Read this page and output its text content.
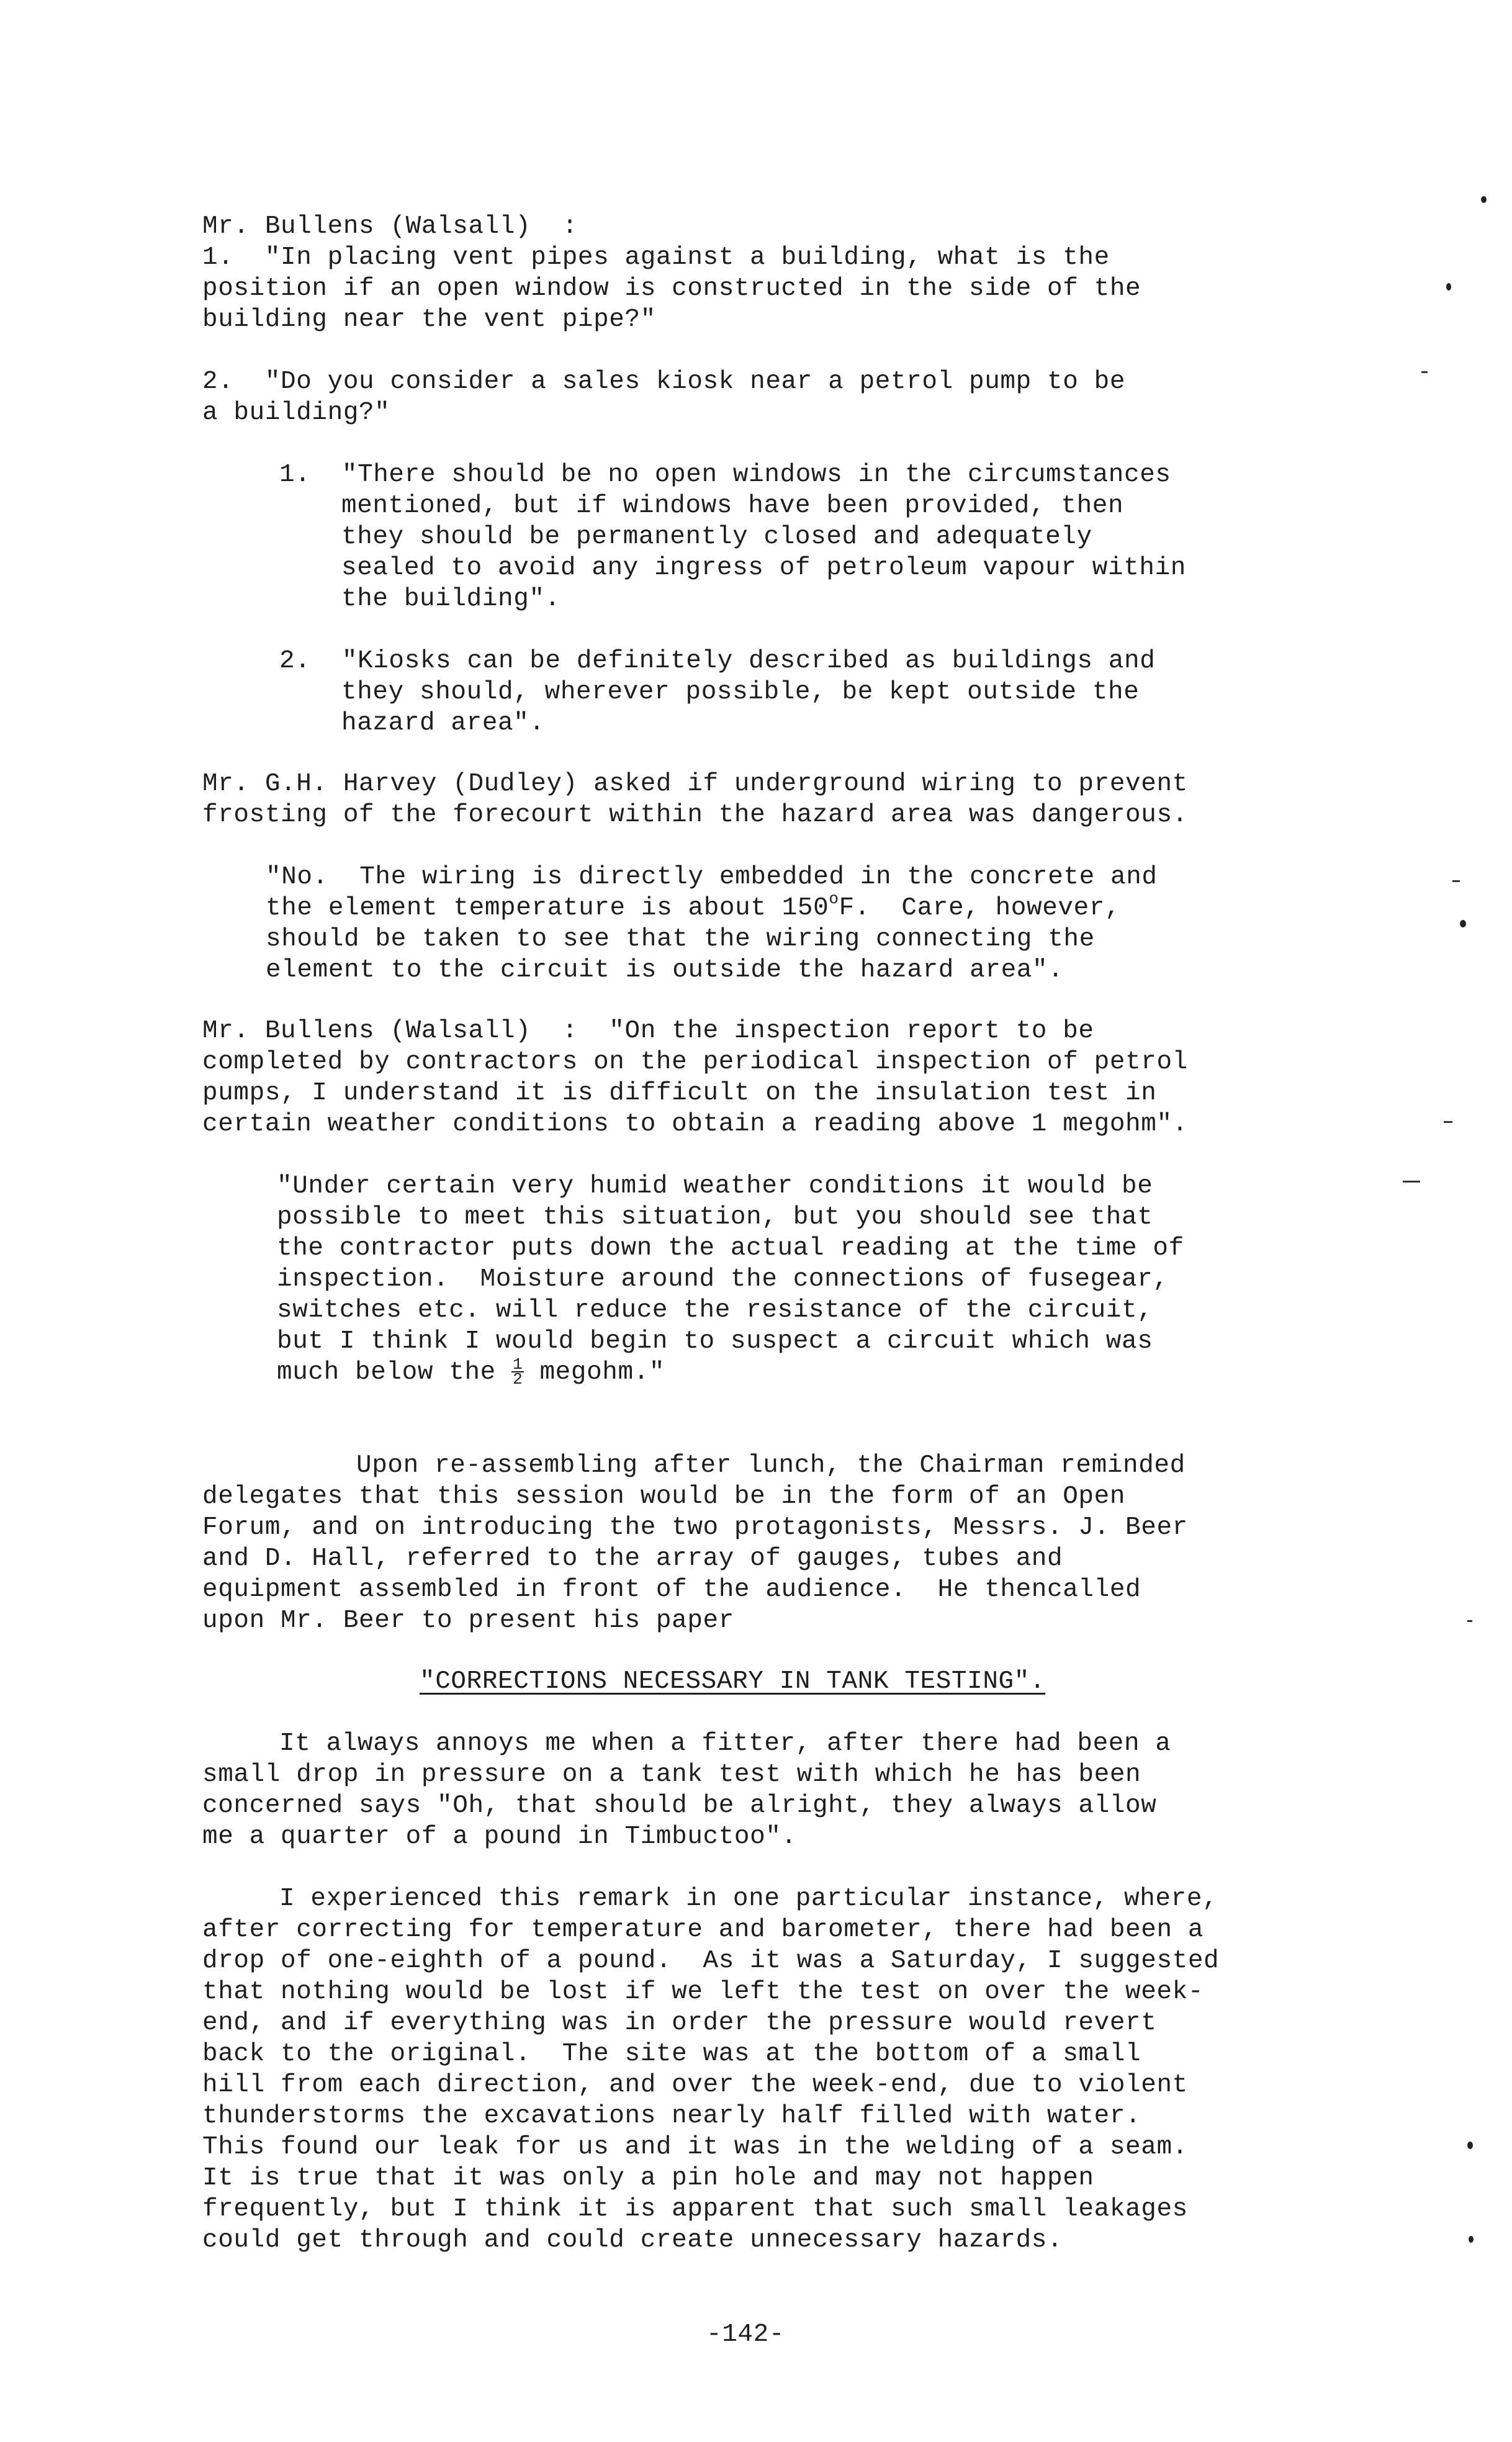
Mr. Bullens (Walsall)  :
1.  "In placing vent pipes against a building, what is the
position if an open window is constructed in the side of the
building near the vent pipe?"
2.  "Do you consider a sales kiosk near a petrol pump to be
a building?"
1.  "There should be no open windows in the circumstances
mentioned, but if windows have been provided, then
they should be permanently closed and adequately
sealed to avoid any ingress of petroleum vapour within
the building".
2.  "Kiosks can be definitely described as buildings and
they should, wherever possible, be kept outside the
hazard area".
Mr. G.H. Harvey (Dudley) asked if underground wiring to prevent
frosting of the forecourt within the hazard area was dangerous.
"No.  The wiring is directly embedded in the concrete and
should be taken to see that the wiring connecting the
element to the circuit is outside the hazard area".
Mr. Bullens (Walsall)  :  "On the inspection report to be
completed by contractors on the periodical inspection of petrol
pumps, I understand it is difficult on the insulation test in
certain weather conditions to obtain a reading above 1 megohm".
"Under certain very humid weather conditions it would be
possible to meet this situation, but you should see that
the contractor puts down the actual reading at the time of
inspection.  Moisture around the connections of fusegear,
switches etc. will reduce the resistance of the circuit,
but I think I would begin to suspect a circuit which was
Upon re-assembling after lunch, the Chairman reminded
delegates that this session would be in the form of an Open
Forum, and on introducing the two protagonists, Messrs. J. Beer
and D. Hall, referred to the array of gauges, tubes and
equipment assembled in front of the audience.  He thencalled
upon Mr. Beer to present his paper
It always annoys me when a fitter, after there had been a
small drop in pressure on a tank test with which he has been
concerned says "Oh, that should be alright, they always allow
me a quarter of a pound in Timbuctoo".
I experienced this remark in one particular instance, where,
after correcting for temperature and barometer, there had been a
drop of one-eighth of a pound.  As it was a Saturday, I suggested
that nothing would be lost if we left the test on over the week-
end, and if everything was in order the pressure would revert
back to the original.  The site was at the bottom of a small
hill from each direction, and over the week-end, due to violent
thunderstorms the excavations nearly half filled with water.
This found our leak for us and it was in the welding of a seam.
It is true that it was only a pin hole and may not happen
frequently, but I think it is apparent that such small leakages
could get through and could create unnecessary hazards.
the element temperature is about 150$^o$F.  Care, however,
much below the $\frac{1}{2}$ megohm."
"CORRECTIONS NECESSARY IN TANK TESTING".
-142-
